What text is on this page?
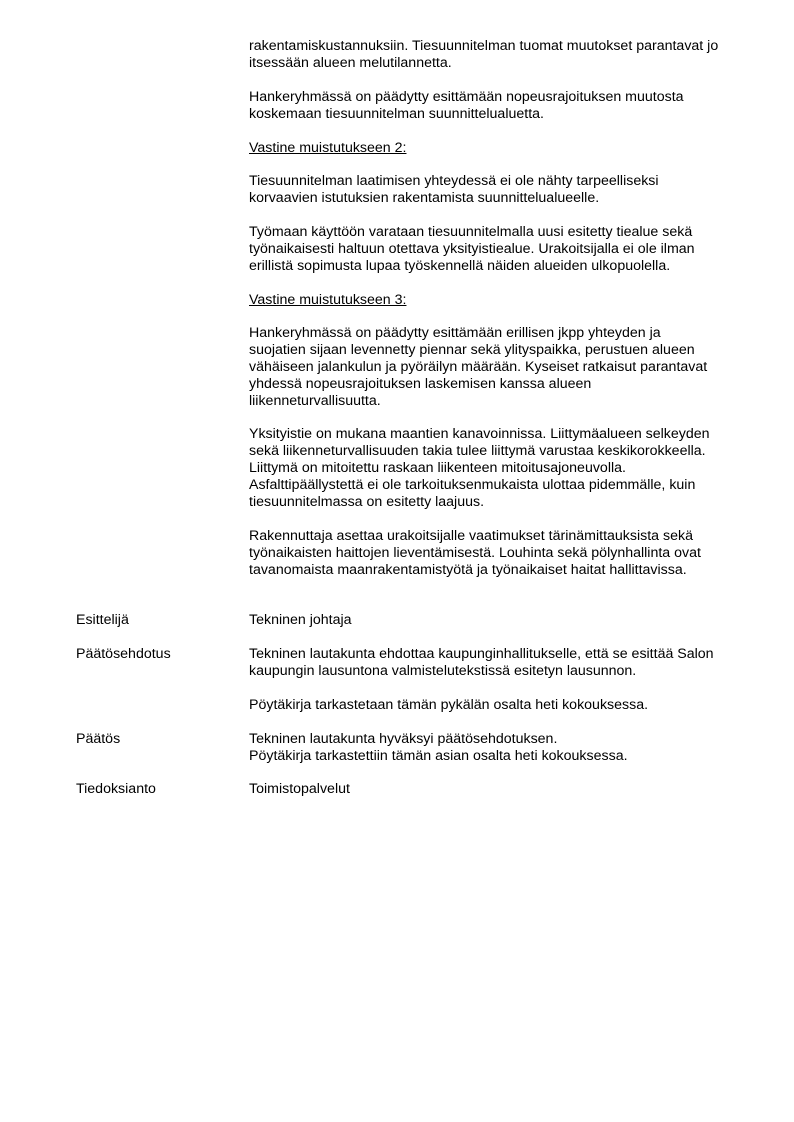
rakentamiskustannuksiin. Tiesuunnitelman tuomat muutokset parantavat jo
itsessään alueen melutilannetta.
Hankeryhmässä on päädytty esittämään nopeusrajoituksen muutosta
koskemaan tiesuunnitelman suunnittelualuetta.
Vastine muistutukseen 2:
Tiesuunnitelman laatimisen yhteydessä ei ole nähty tarpeelliseksi
korvaavien istutuksien rakentamista suunnittelualueelle.
Työmaan käyttöön varataan tiesuunnitelmalla uusi esitetty tiealue sekä
työnaikaisesti haltuun otettava yksityistiealue. Urakoitsijalla ei ole ilman
erillistä sopimusta lupaa työskennellä näiden alueiden ulkopuolella.
Vastine muistutukseen 3:
Hankeryhmässä on päädytty esittämään erillisen jkpp yhteyden ja
suojatien sijaan levennetty piennar sekä ylityspaikka, perustuen alueen
vähäiseen jalankulun ja pyöräilyn määrään. Kyseiset ratkaisut parantavat
yhdessä nopeusrajoituksen laskemisen kanssa alueen
liikenneturvallisuutta.
Yksityistie on mukana maantien kanavoinnissa. Liittymäalueen selkeyden
sekä liikenneturvallisuuden takia tulee liittymä varustaa keskikorokkeella.
Liittymä on mitoitettu raskaan liikenteen mitoitusajoneuvolla.
Asfalttipäällystettä ei ole tarkoituksenmukaista ulottaa pidemmälle, kuin
tiesuunnitelmassa on esitetty laajuus.
Rakennuttaja asettaa urakoitsijalle vaatimukset tärinämittauksista sekä
työnaikaisten haittojen lieventämisestä. Louhinta sekä pölynhallinta ovat
tavanomaista maanrakentamistyötä ja työnaikaiset haitat hallittavissa.
Esittelijä	Tekninen johtaja
Päätösehdotus	Tekninen lautakunta ehdottaa kaupunginhallitukselle, että se esittää Salon
kaupungin lausuntona valmistelutekstissä esitetyn lausunnon.
Pöytäkirja tarkastetaan tämän pykälän osalta heti kokouksessa.
Päätös	Tekninen lautakunta hyväksyi päätösehdotuksen.
Pöytäkirja tarkastettiin tämän asian osalta heti kokouksessa.
Tiedoksianto	Toimistopalvelut
